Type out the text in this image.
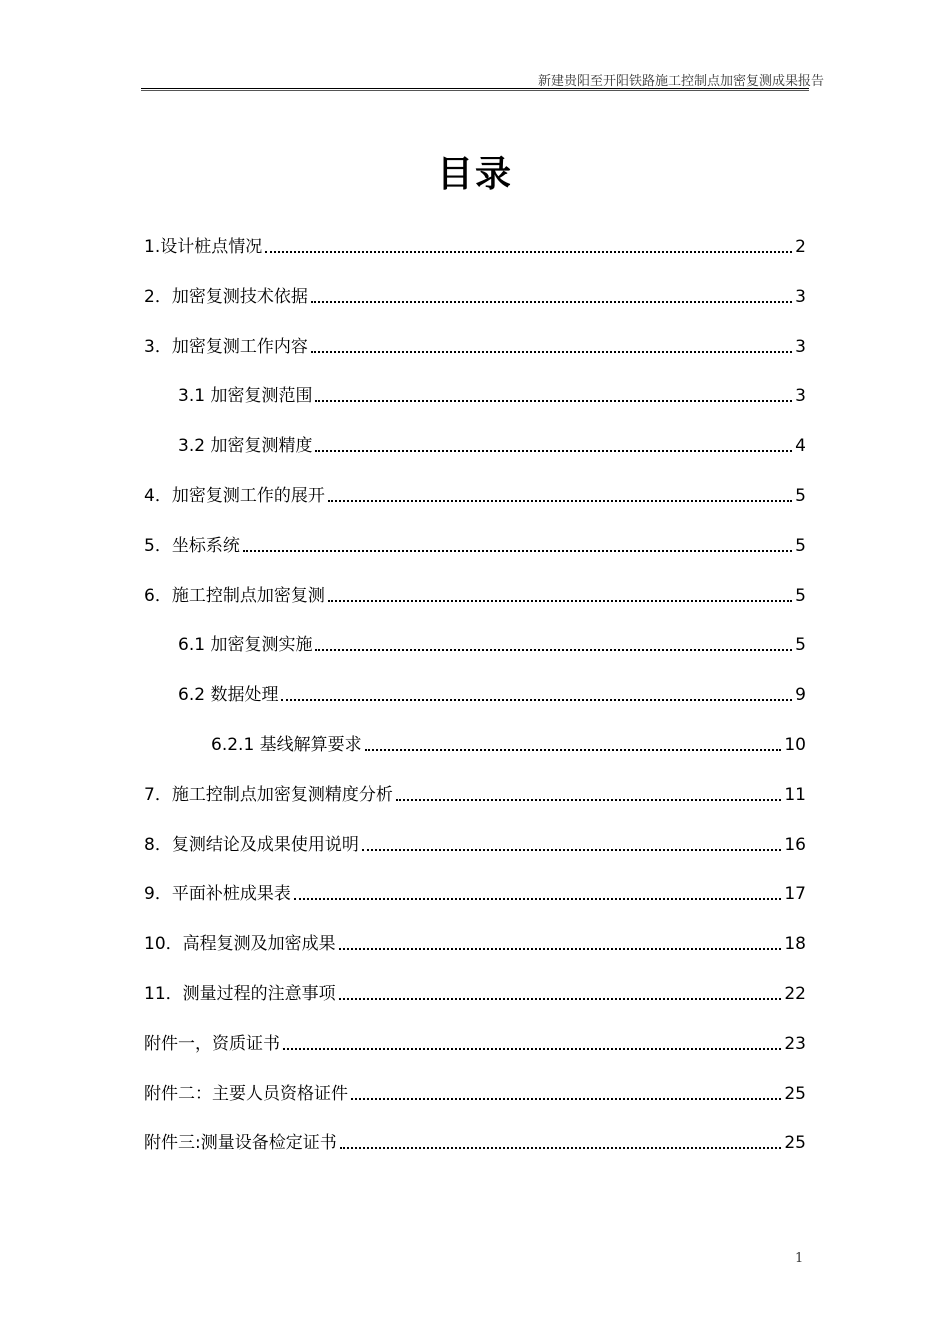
新建贵阳至开阳铁路施工控制点加密复测成果报告
目录
1.设计桩点情况	2
2．加密复测技术依据	3
3．加密复测工作内容	3
3.1 加密复测范围	3
3.2 加密复测精度	4
4．加密复测工作的展开	5
5．坐标系统	5
6．施工控制点加密复测	5
6.1 加密复测实施	5
6.2 数据处理	9
6.2.1 基线解算要求	10
7．施工控制点加密复测精度分析	11
8．复测结论及成果使用说明	16
9．平面补桩成果表	17
10．高程复测及加密成果	18
11．测量过程的注意事项	22
附件一，资质证书	23
附件二：主要人员资格证件	25
附件三:测量设备检定证书	25
1
